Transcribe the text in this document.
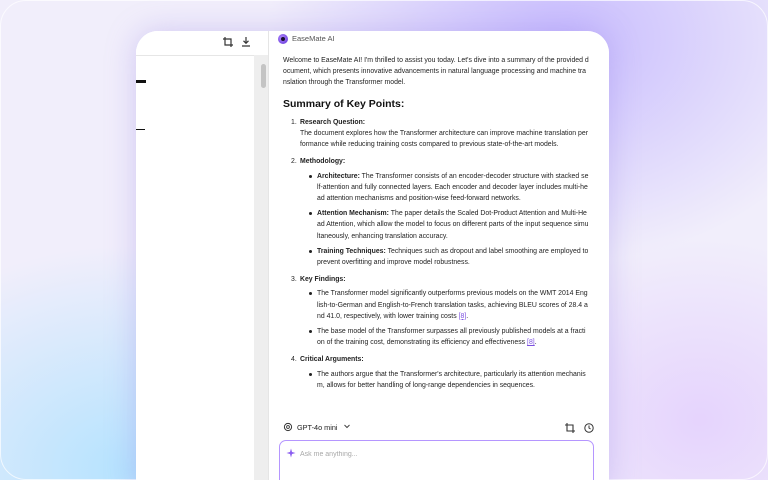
EaseMate AI

Welcome to EaseMate AI! I'm thrilled to assist you today. Let's dive into a summary of the provided document, which presents innovative advancements in natural language processing and machine translation through the Transformer model.

Summary of Key Points:
1. Research Question:
The document explores how the Transformer architecture can improve machine translation performance while reducing training costs compared to previous state-of-the-art models.
2. Methodology:
Architecture: The Transformer consists of an encoder-decoder structure with stacked self-attention and fully connected layers. Each encoder and decoder layer includes multi-head attention mechanisms and position-wise feed-forward networks.
Attention Mechanism: The paper details the Scaled Dot-Product Attention and Multi-Head Attention, which allow the model to focus on different parts of the input sequence simultaneously, enhancing translation accuracy.
Training Techniques: Techniques such as dropout and label smoothing are employed to prevent overfitting and improve model robustness.
3. Key Findings:
The Transformer model significantly outperforms previous models on the WMT 2014 English-to-German and English-to-French translation tasks, achieving BLEU scores of 28.4 and 41.0, respectively, with lower training costs [8].
The base model of the Transformer surpasses all previously published models at a fraction of the training cost, demonstrating its efficiency and effectiveness [8].
4. Critical Arguments:
The authors argue that the Transformer's architecture, particularly its attention mechanism, allows for better handling of long-range dependencies in sequences.
GPT-4o mini
Ask me anything...
